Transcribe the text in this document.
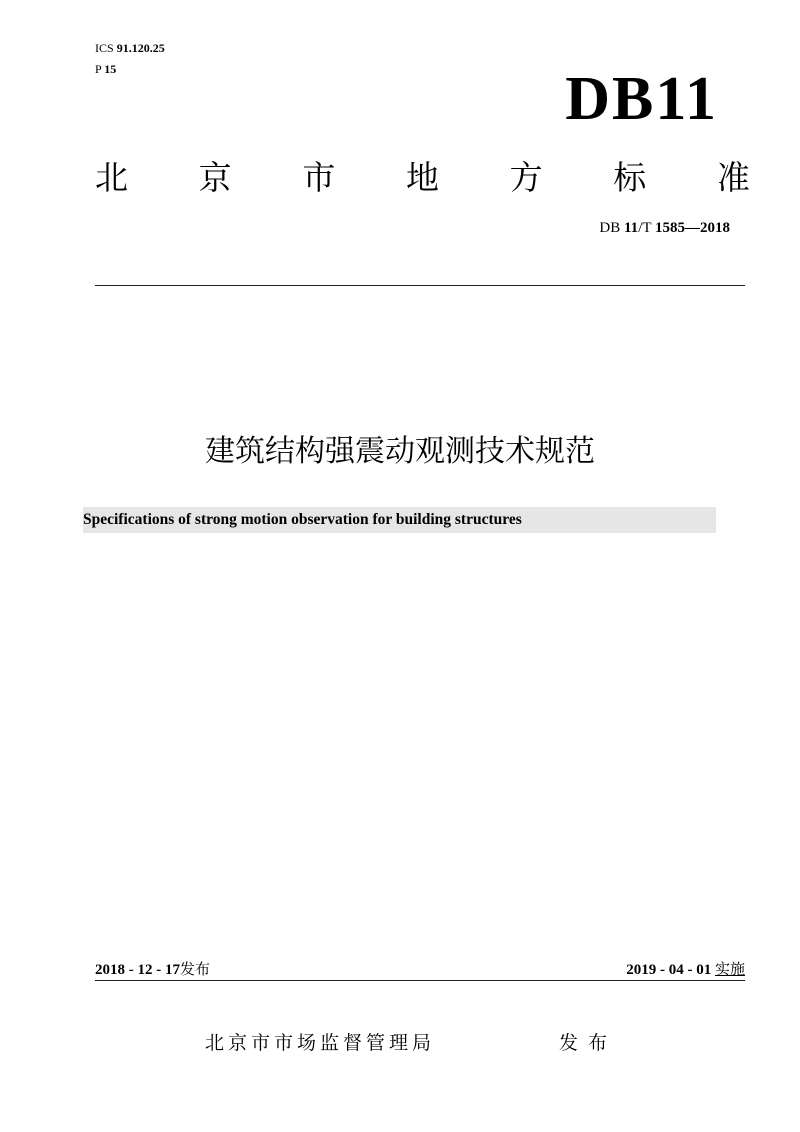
ICS 91.120.25
P 15	DB11
北 京 市 地 方 标 准
DB 11/T 1585—2018
建筑结构强震动观测技术规范
Specifications of strong motion observation for building structures
2018 - 12 - 17发布	2019 - 04 - 01 实施
北京市市场监督管理局	发布
